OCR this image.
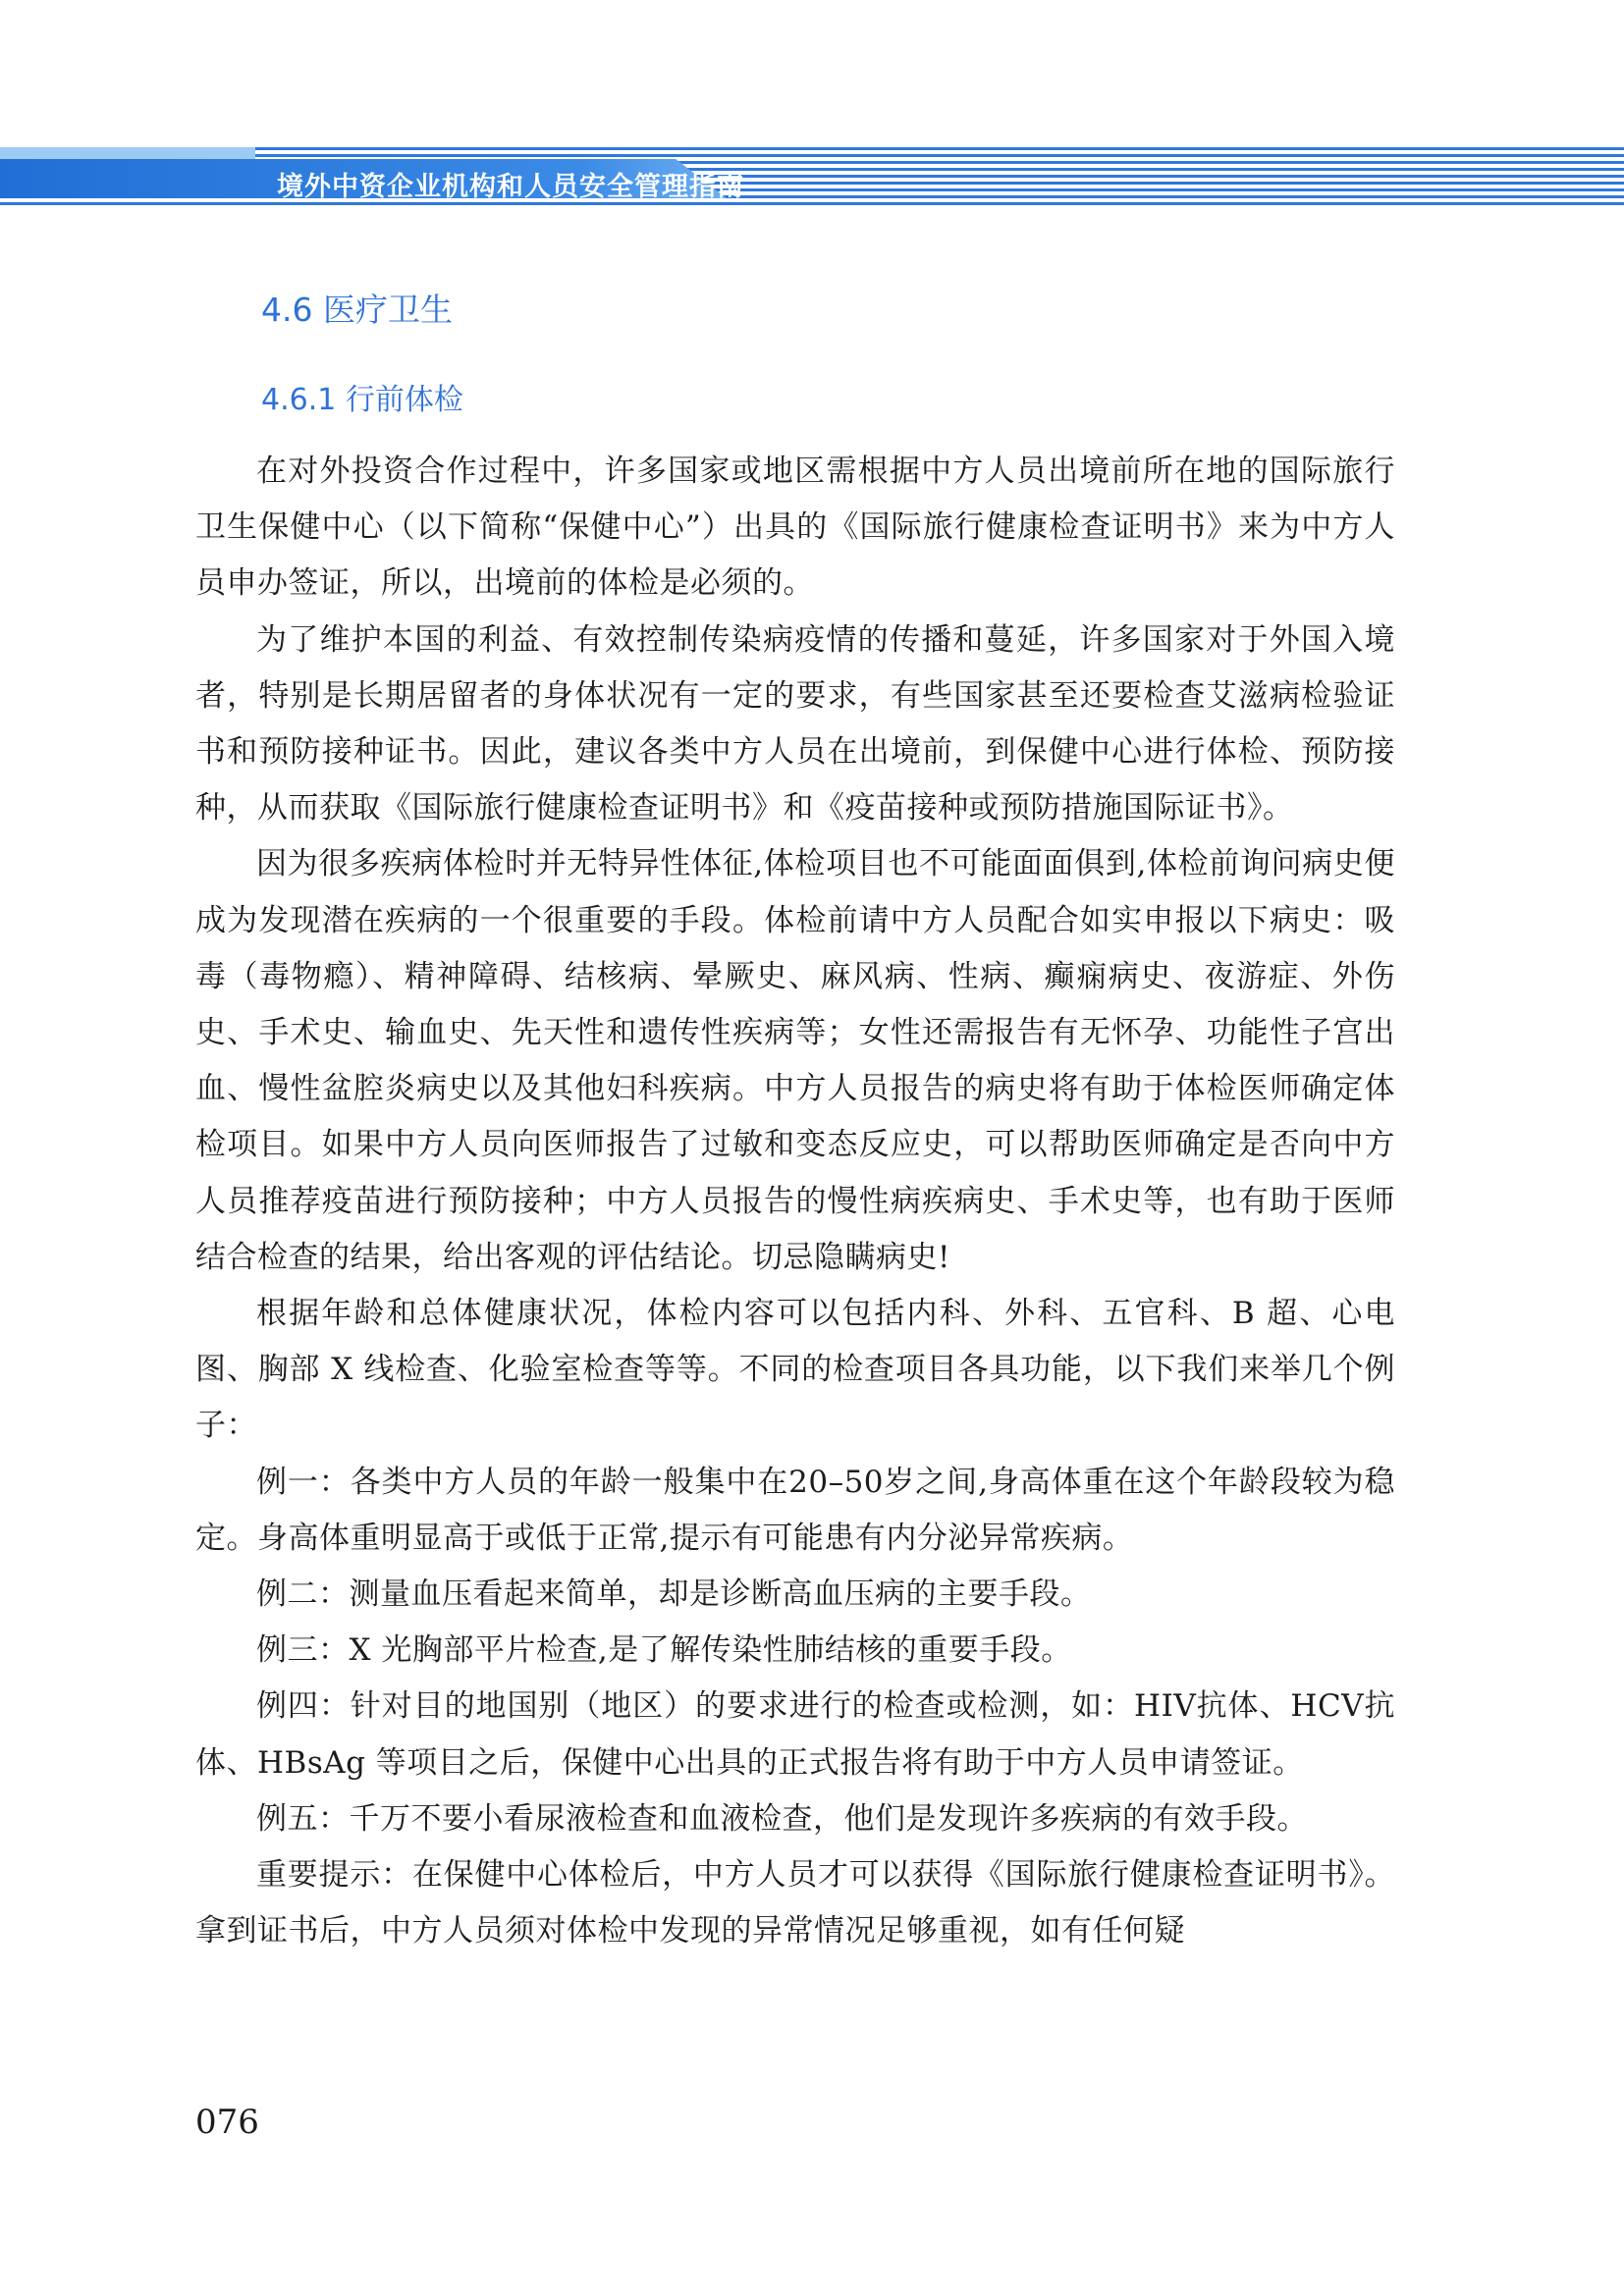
境外中资企业机构和人员安全管理指南
4.6 医疗卫生
4.6.1 行前体检

在对外投资合作过程中，许多国家或地区需根据中方人员出境前所在地的国际旅行卫生保健中心（以下简称“保健中心”）出具的《国际旅行健康检查证明书》来为中方人员申办签证，所以，出境前的体检是必须的。

为了维护本国的利益、有效控制传染病疫情的传播和蔓延，许多国家对于外国入境者，特别是长期居留者的身体状况有一定的要求，有些国家甚至还要检查艾滋病检验证书和预防接种证书。因此，建议各类中方人员在出境前，到保健中心进行体检、预防接种，从而获取《国际旅行健康检查证明书》和《疫苗接种或预防措施国际证书》。

因为很多疾病体检时并无特异性体征,体检项目也不可能面面俱到,体检前询问病史便成为发现潜在疾病的一个很重要的手段。体检前请中方人员配合如实申报以下病史：吸毒（毒物瘾）、精神障碍、结核病、晕厥史、麻风病、性病、癫痫病史、夜游症、外伤史、手术史、输血史、先天性和遗传性疾病等；女性还需报告有无怀孕、功能性子宫出血、慢性盆腔炎病史以及其他妇科疾病。中方人员报告的病史将有助于体检医师确定体检项目。如果中方人员向医师报告了过敏和变态反应史，可以帮助医师确定是否向中方人员推荐疫苗进行预防接种；中方人员报告的慢性病疾病史、手术史等，也有助于医师结合检查的结果，给出客观的评估结论。切忌隐瞒病史!

根据年龄和总体健康状况，体检内容可以包括内科、外科、五官科、B 超、心电图、胸部 X 线检查、化验室检查等等。不同的检查项目各具功能，以下我们来举几个例子：

例一：各类中方人员的年龄一般集中在20–50岁之间,身高体重在这个年龄段较为稳定。身高体重明显高于或低于正常,提示有可能患有内分泌异常疾病。

例二：测量血压看起来简单，却是诊断高血压病的主要手段。

例三：X 光胸部平片检查,是了解传染性肺结核的重要手段。

例四：针对目的地国别（地区）的要求进行的检查或检测，如：HIV抗体、HCV抗体、HBsAg 等项目之后，保健中心出具的正式报告将有助于中方人员申请签证。

例五：千万不要小看尿液检查和血液检查，他们是发现许多疾病的有效手段。

重要提示：在保健中心体检后，中方人员才可以获得《国际旅行健康检查证明书》。拿到证书后，中方人员须对体检中发现的异常情况足够重视，如有任何疑

076
